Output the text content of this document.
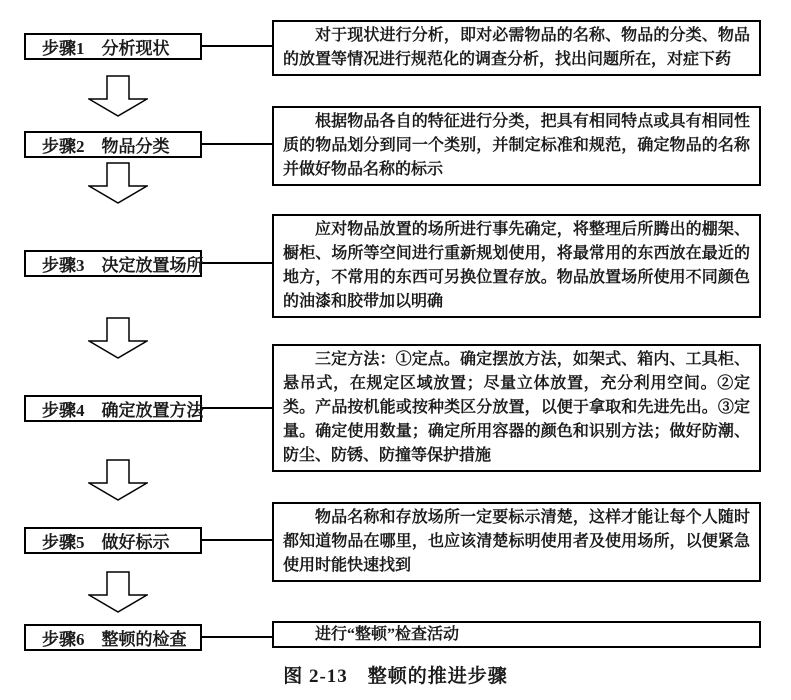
步骤1　分析现状
对于现状进行分析，即对必需物品的名称、物品的分类、物品的放置等情况进行规范化的调查分析，找出问题所在，对症下药
步骤2　物品分类
根据物品各自的特征进行分类，把具有相同特点或具有相同性质的物品划分到同一个类别，并制定标准和规范，确定物品的名称并做好物品名称的标示
步骤3　决定放置场所
应对物品放置的场所进行事先确定，将整理后所腾出的棚架、橱柜、场所等空间进行重新规划使用，将最常用的东西放在最近的地方，不常用的东西可另换位置存放。物品放置场所使用不同颜色的油漆和胶带加以明确
步骤4　确定放置方法
三定方法：①定点。确定摆放方法，如架式、箱内、工具柜、悬吊式，在规定区域放置；尽量立体放置，充分利用空间。②定类。产品按机能或按种类区分放置，以便于拿取和先进先出。③定量。确定使用数量；确定所用容器的颜色和识别方法；做好防潮、防尘、防锈、防撞等保护措施
步骤5　做好标示
物品名称和存放场所一定要标示清楚，这样才能让每个人随时都知道物品在哪里，也应该清楚标明使用者及使用场所，以便紧急使用时能快速找到
步骤6　整顿的检查	进行“整顿”检查活动
图 2-13　整顿的推进步骤
